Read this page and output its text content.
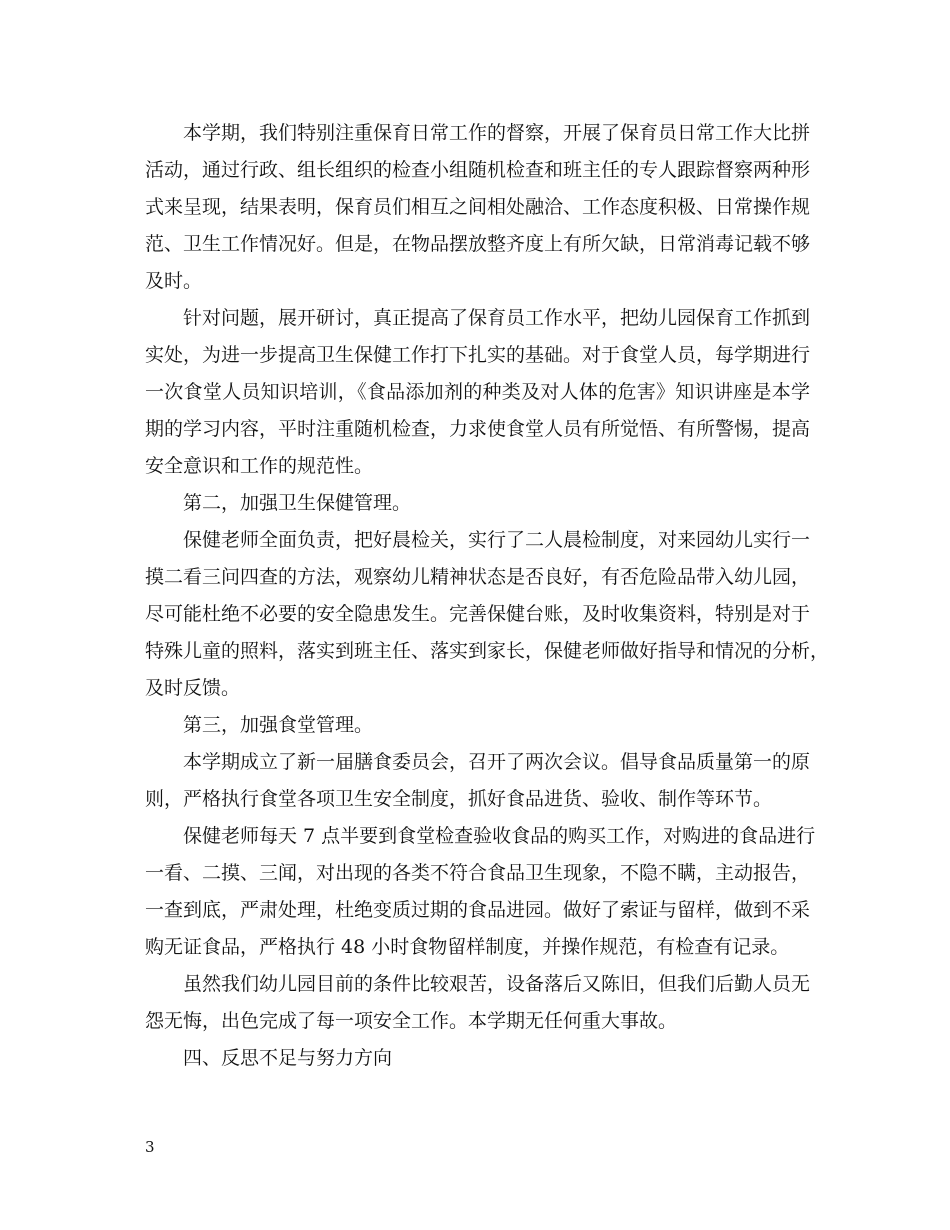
本学期，我们特别注重保育日常工作的督察，开展了保育员日常工作大比拼

活动，通过行政、组长组织的检查小组随机检查和班主任的专人跟踪督察两种形

式来呈现，结果表明，保育员们相互之间相处融洽、工作态度积极、日常操作规

范、卫生工作情况好。但是，在物品摆放整齐度上有所欠缺，日常消毒记载不够

及时。

针对问题，展开研讨，真正提高了保育员工作水平，把幼儿园保育工作抓到

实处，为进一步提高卫生保健工作打下扎实的基础。对于食堂人员，每学期进行

一次食堂人员知识培训，《食品添加剂的种类及对人体的危害》知识讲座是本学

期的学习内容，平时注重随机检查，力求使食堂人员有所觉悟、有所警惕，提高

安全意识和工作的规范性。

第二，加强卫生保健管理。

保健老师全面负责，把好晨检关，实行了二人晨检制度，对来园幼儿实行一

摸二看三问四查的方法，观察幼儿精神状态是否良好，有否危险品带入幼儿园，

尽可能杜绝不必要的安全隐患发生。完善保健台账，及时收集资料，特别是对于

特殊儿童的照料，落实到班主任、落实到家长，保健老师做好指导和情况的分析，

及时反馈。

第三，加强食堂管理。

本学期成立了新一届膳食委员会，召开了两次会议。倡导食品质量第一的原

则，严格执行食堂各项卫生安全制度，抓好食品进货、验收、制作等环节。

保健老师每天 7 点半要到食堂检查验收食品的购买工作，对购进的食品进行

一看、二摸、三闻，对出现的各类不符合食品卫生现象，不隐不瞒，主动报告，

一查到底，严肃处理，杜绝变质过期的食品进园。做好了索证与留样，做到不采

购无证食品，严格执行 48 小时食物留样制度，并操作规范，有检查有记录。

虽然我们幼儿园目前的条件比较艰苦，设备落后又陈旧，但我们后勤人员无

怨无悔，出色完成了每一项安全工作。本学期无任何重大事故。

四、反思不足与努力方向

3
